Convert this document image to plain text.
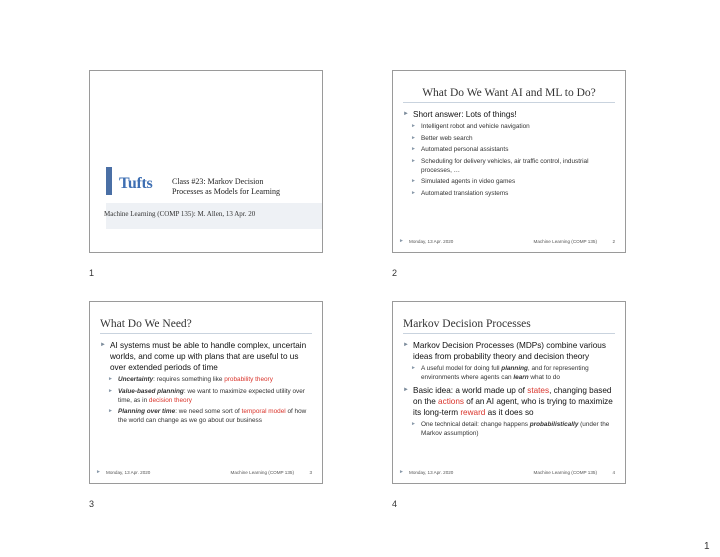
Tufts Class #23: Markov Decision
Processes as Models for Learning
Machine Learning (COMP 135): M. Allen, 13 Apr. 20
1
What Do We Want AI and ML to Do?
► Short answer: Lots of things!
► Intelligent robot and vehicle navigation
► Better web search
► Automated personal assistants
► Scheduling for delivery vehicles, air traffic control, industrial processes, …
► Simulated agents in video games
► Automated translation systems
► Monday, 13 Apr. 2020	Machine Learning (COMP 135)	2
2
What Do We Need?
► AI systems must be able to handle complex, uncertain worlds, and come up with plans that are useful to us over extended periods of time
► Uncertainty: requires something like probability theory
► Value-based planning: we want to maximize expected utility over time, as in decision theory
► Planning over time: we need some sort of temporal model of how the world can change as we go about our business
► Monday, 13 Apr. 2020	Machine Learning (COMP 135)	3
3
Markov Decision Processes
► Markov Decision Processes (MDPs) combine various ideas from probability theory and decision theory
► A useful model for doing full planning, and for representing environments where agents can learn what to do
► Basic idea: a world made up of states, changing based on the actions of an AI agent, who is trying to maximize its long-term reward as it does so
► One technical detail: change happens probabilistically (under the Markov assumption)
► Monday, 13 Apr. 2020	Machine Learning (COMP 135)	4
4
1
